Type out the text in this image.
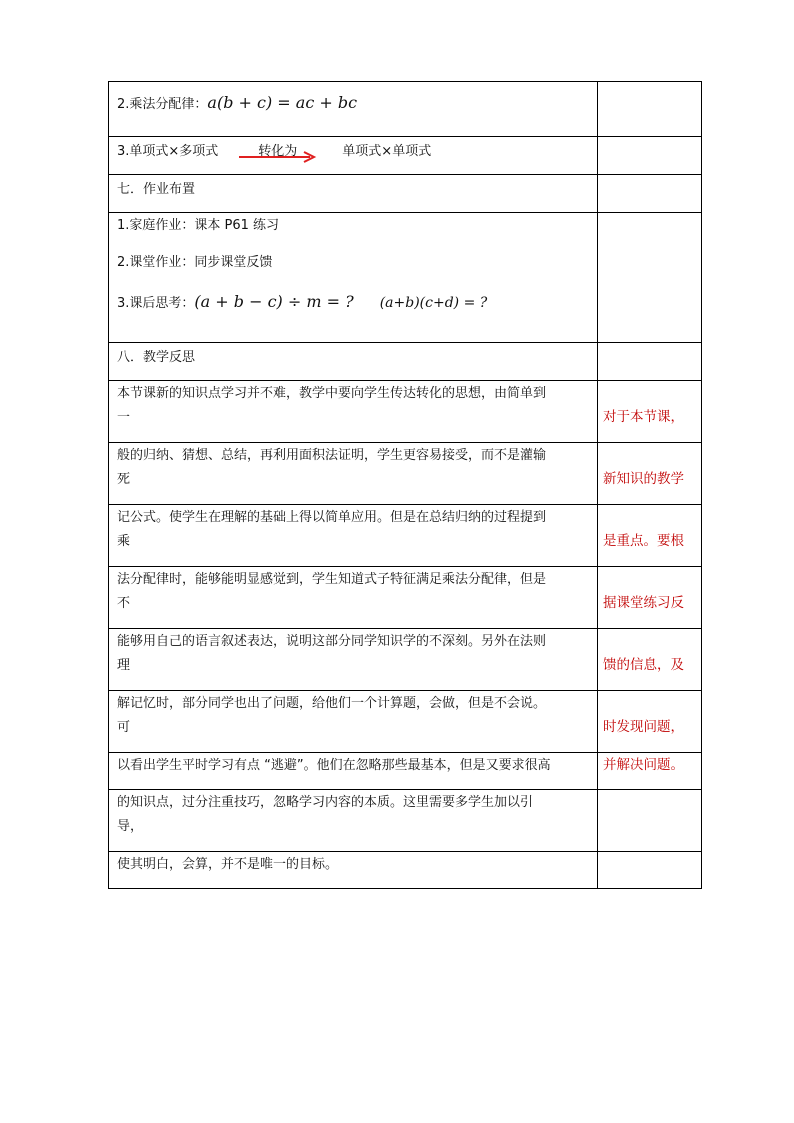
2.乘法分配律：a(b + c) = ac + bc	

3.单项式×多项式 转化为 单项式×单项式	

七．作业布置	

1.家庭作业：课本 P61 练习
2.课堂作业：同步课堂反馈
3.课后思考：(a + b − c) ÷ m = ? (a+b)(c+d) = ?	

八．教学反思	

本节课新的知识点学习并不难，教学中要向学生传达转化的思想，由简单到
一	对于本节课，

般的归纳、猜想、总结，再利用面积法证明，学生更容易接受，而不是灌输
死	新知识的教学

记公式。使学生在理解的基础上得以简单应用。但是在总结归纳的过程提到
乘	是重点。要根

法分配律时，能够能明显感觉到，学生知道式子特征满足乘法分配律，但是
不	据课堂练习反

能够用自己的语言叙述表达，说明这部分同学知识学的不深刻。另外在法则
理	馈的信息，及

解记忆时，部分同学也出了问题，给他们一个计算题，会做，但是不会说。
可	时发现问题，

以看出学生平时学习有点 “逃避”。他们在忽略那些最基本，但是又要求很高	并解决问题。

的知识点，过分注重技巧，忽略学习内容的本质。这里需要多学生加以引
导，	

使其明白，会算，并不是唯一的目标。	
